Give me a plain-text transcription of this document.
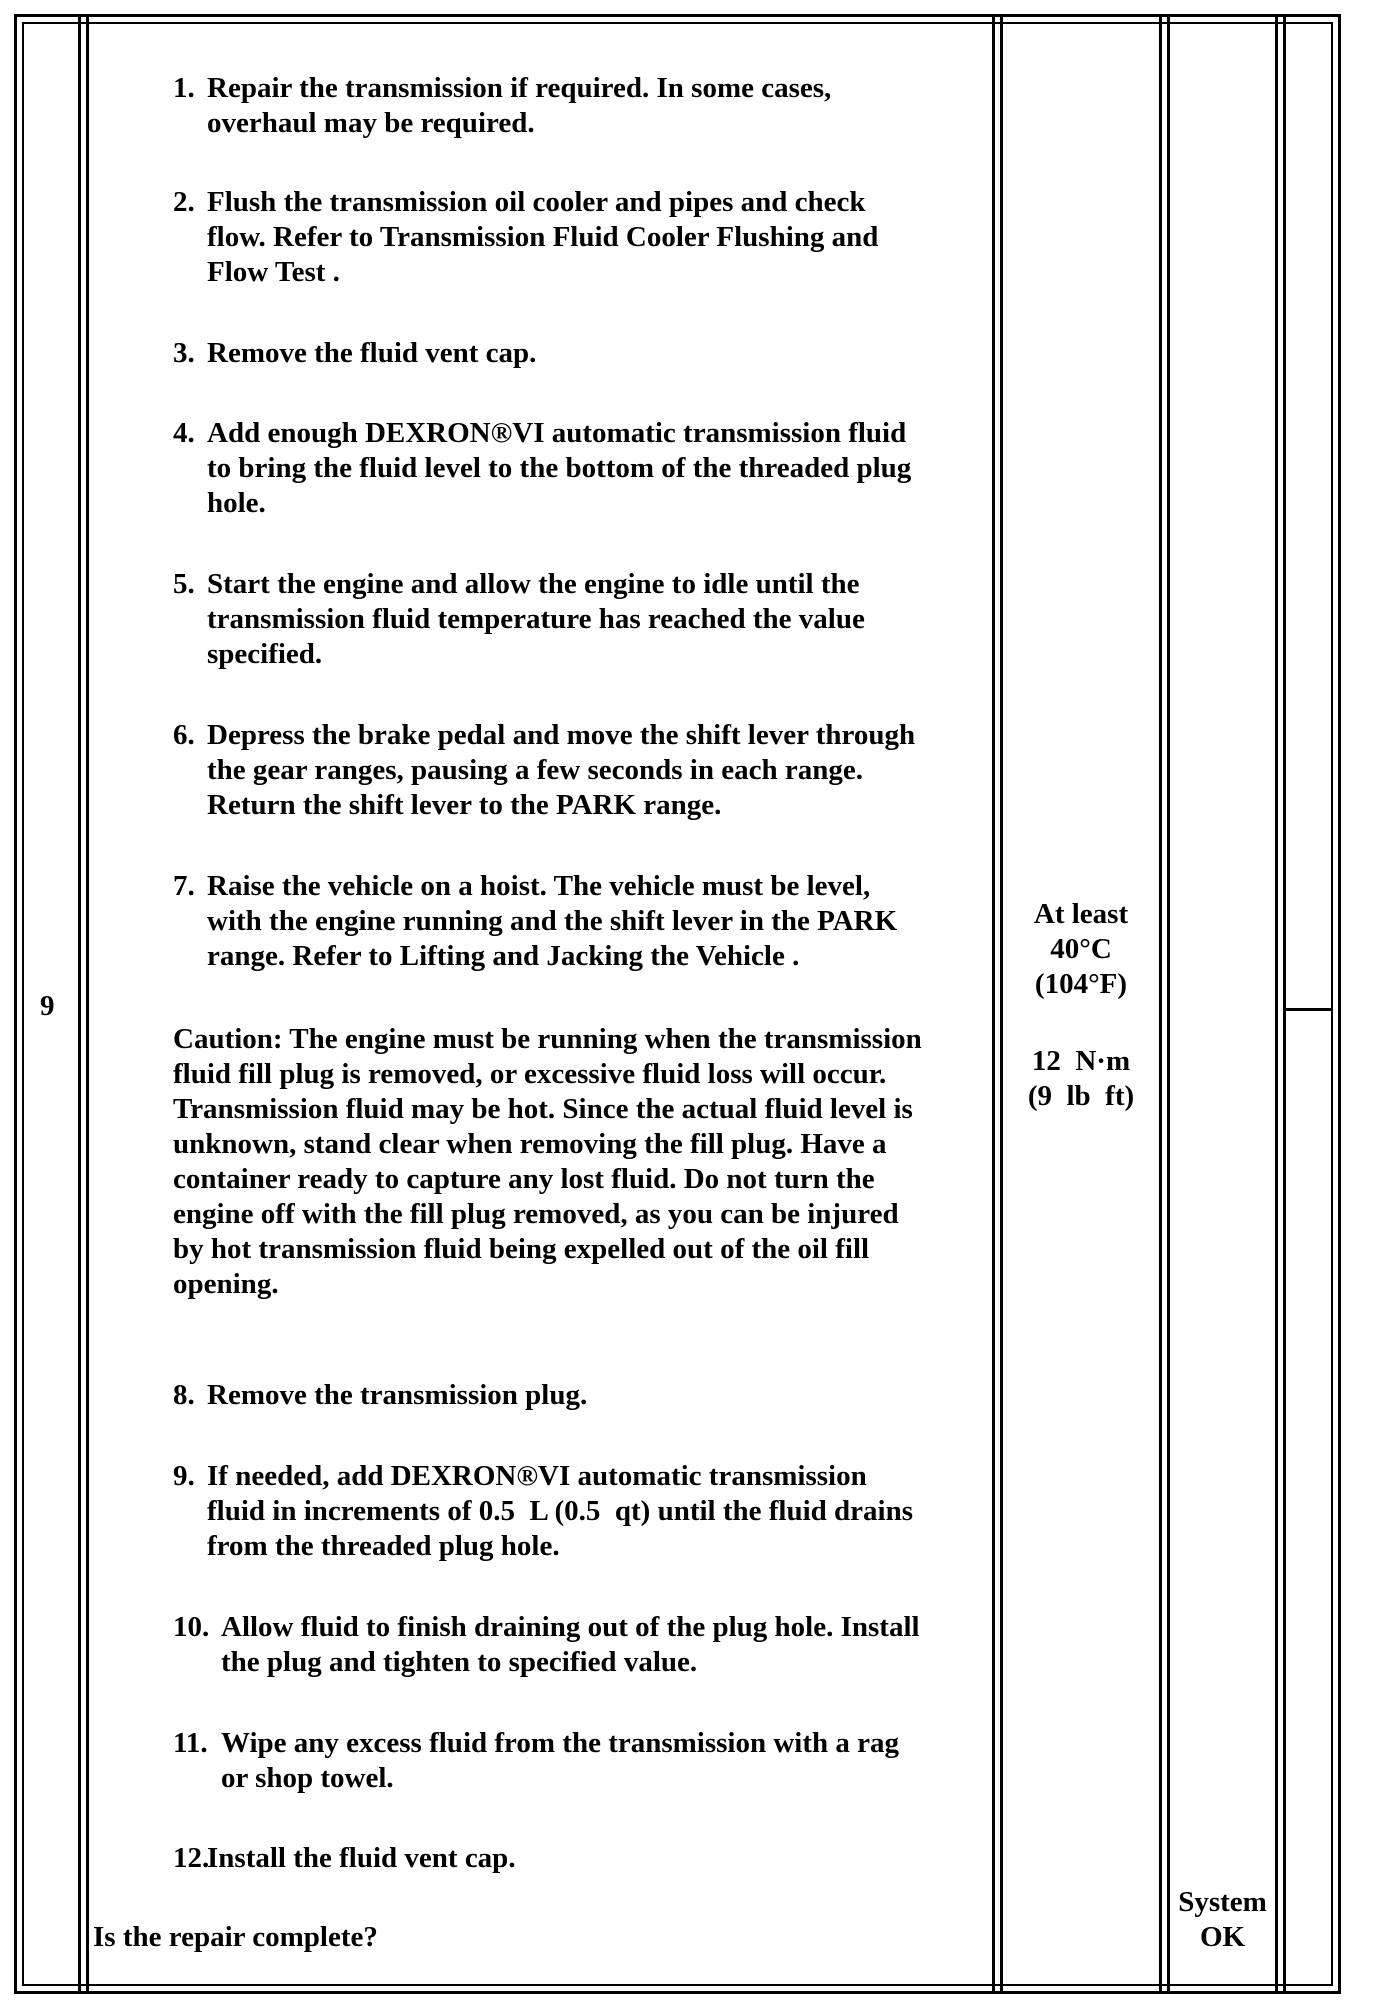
9
1. Repair the transmission if required. In some cases,
overhaul may be required.
2. Flush the transmission oil cooler and pipes and check
flow. Refer to Transmission Fluid Cooler Flushing and
Flow Test .
3. Remove the fluid vent cap.
4. Add enough DEXRON®VI automatic transmission fluid
to bring the fluid level to the bottom of the threaded plug
hole.
5. Start the engine and allow the engine to idle until the
transmission fluid temperature has reached the value
specified.
6. Depress the brake pedal and move the shift lever through
the gear ranges, pausing a few seconds in each range.
Return the shift lever to the PARK range.
7. Raise the vehicle on a hoist. The vehicle must be level,
with the engine running and the shift lever in the PARK
range. Refer to Lifting and Jacking the Vehicle .
Caution: The engine must be running when the transmission
fluid fill plug is removed, or excessive fluid loss will occur.
Transmission fluid may be hot. Since the actual fluid level is
unknown, stand clear when removing the fill plug. Have a
container ready to capture any lost fluid. Do not turn the
engine off with the fill plug removed, as you can be injured
by hot transmission fluid being expelled out of the oil fill
opening.
8. Remove the transmission plug.
9. If needed, add DEXRON®VI automatic transmission
fluid in increments of 0.5  L (0.5  qt) until the fluid drains
from the threaded plug hole.
10. Allow fluid to finish draining out of the plug hole. Install
the plug and tighten to specified value.
11. Wipe any excess fluid from the transmission with a rag
or shop towel.
12.
Install the fluid vent cap.
Is the repair complete?
At least
40°C
(104°F)
12  N·m
(9  lb  ft)
System
OK
